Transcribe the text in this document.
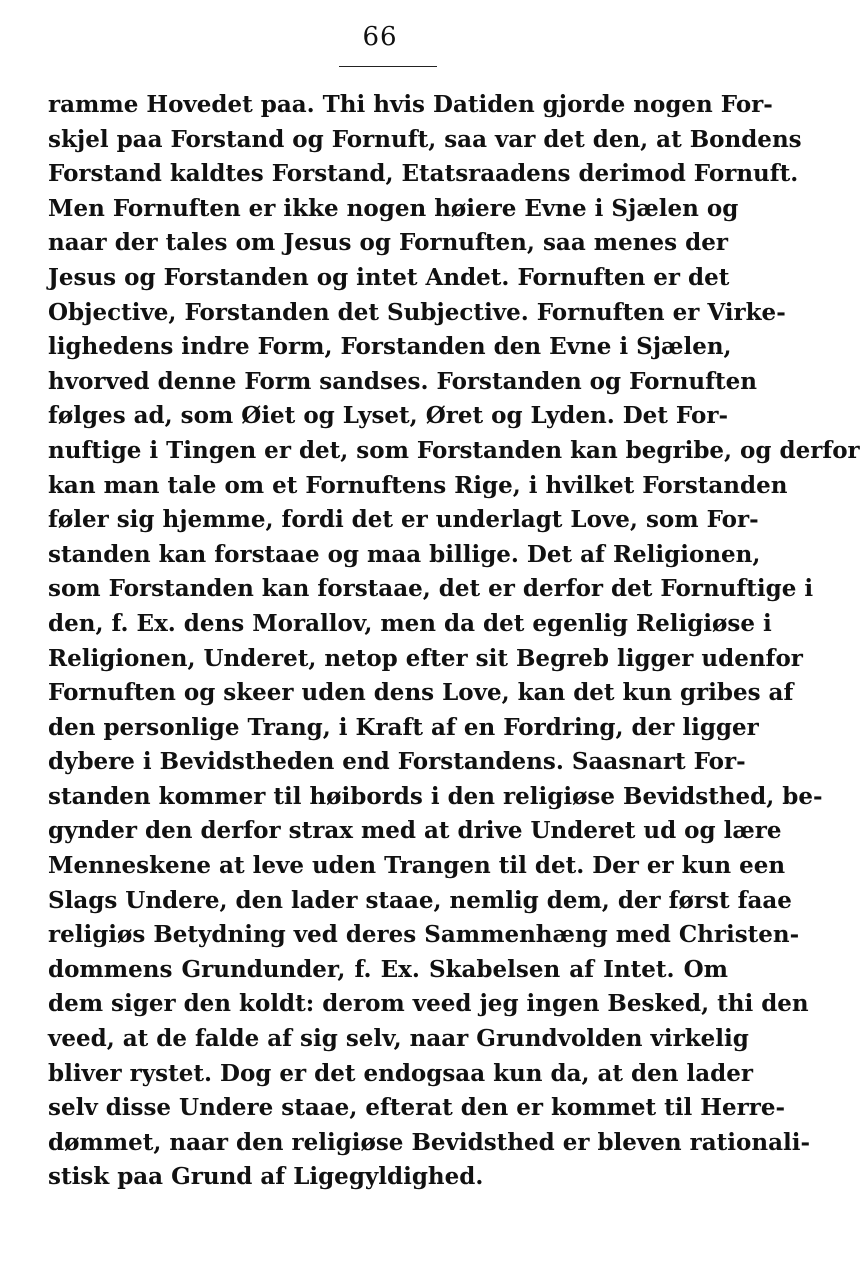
66
ramme Hovedet paa. Thi hvis Datiden gjorde nogen For-
skjel paa Forstand og Fornuft, saa var det den, at Bondens
Forstand kaldtes Forstand, Etatsraadens derimod Fornuft.
Men Fornuften er ikke nogen høiere Evne i Sjælen og
naar der tales om Jesus og Fornuften, saa menes der
Jesus og Forstanden og intet Andet. Fornuften er det
Objective, Forstanden det Subjective. Fornuften er Virke-
lighedens indre Form, Forstanden den Evne i Sjælen,
hvorved denne Form sandses. Forstanden og Fornuften
følges ad, som Øiet og Lyset, Øret og Lyden. Det For-
nuftige i Tingen er det, som Forstanden kan begribe, og derfor
kan man tale om et Fornuftens Rige, i hvilket Forstanden
føler sig hjemme, fordi det er underlagt Love, som For-
standen kan forstaae og maa billige. Det af Religionen,
som Forstanden kan forstaae, det er derfor det Fornuftige i
den, f. Ex. dens Morallov, men da det egenlig Religiøse i
Religionen, Underet, netop efter sit Begreb ligger udenfor
Fornuften og skeer uden dens Love, kan det kun gribes af
den personlige Trang, i Kraft af en Fordring, der ligger
dybere i Bevidstheden end Forstandens. Saasnart For-
standen kommer til høibords i den religiøse Bevidsthed, be-
gynder den derfor strax med at drive Underet ud og lære
Menneskene at leve uden Trangen til det. Der er kun een
Slags Undere, den lader staae, nemlig dem, der først faae
religiøs Betydning ved deres Sammenhæng med Christen-
dommens Grundunder, f. Ex. Skabelsen af Intet. Om
dem siger den koldt: derom veed jeg ingen Besked, thi den
veed, at de falde af sig selv, naar Grundvolden virkelig
bliver rystet. Dog er det endogsaa kun da, at den lader
selv disse Undere staae, efterat den er kommet til Herre-
dømmet, naar den religiøse Bevidsthed er bleven rationali-
stisk paa Grund af Ligegyldighed.
